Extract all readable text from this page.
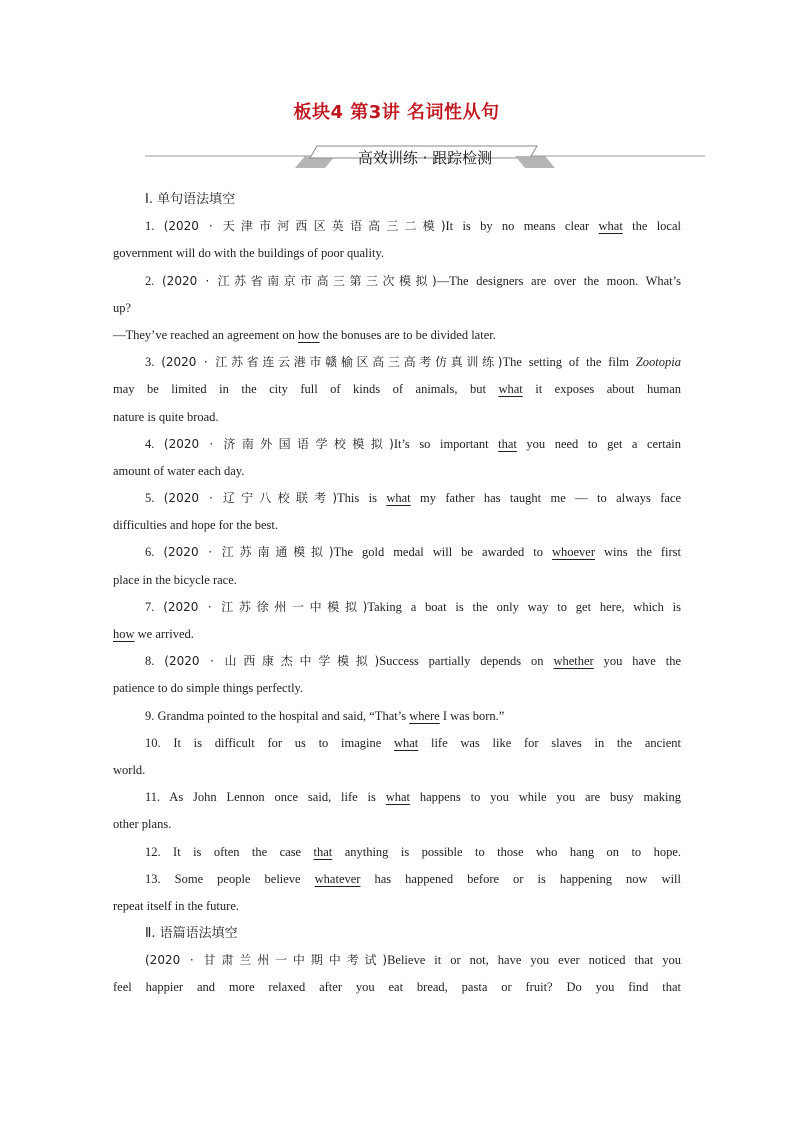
板块4 第3讲 名词性从句
高效训练 · 跟踪检测
Ⅰ. 单句语法填空
1. (2020 · 天津市河西区英语高三二模)It is by no means clear what the local
government will do with the buildings of poor quality.
2. (2020 · 江苏省南京市高三第三次模拟)—The designers are over the moon. What’s
up?
—They’ve reached an agreement on how the bonuses are to be divided later.
3. (2020 · 江苏省连云港市赣榆区高三高考仿真训练)The setting of the film Zootopia
may be limited in the city full of kinds of animals, but what it exposes about human
nature is quite broad.
4. (2020 · 济南外国语学校模拟)It’s so important that you need to get a certain
amount of water each day.
5. (2020 · 辽宁八校联考)This is what my father has taught me — to always face
difficulties and hope for the best.
6. (2020 · 江苏南通模拟)The gold medal will be awarded to whoever wins the first
place in the bicycle race.
7. (2020 · 江苏徐州一中模拟)Taking a boat is the only way to get here, which is
how we arrived.
8. (2020 · 山西康杰中学模拟)Success partially depends on whether you have the
patience to do simple things perfectly.
9. Grandma pointed to the hospital and said, “That’s where I was born.”
10. It is difficult for us to imagine what life was like for slaves in the ancient
world.
11. As John Lennon once said, life is what happens to you while you are busy making
other plans.
12. It is often the case that anything is possible to those who hang on to hope.
13. Some people believe whatever has happened before or is happening now will
repeat itself in the future.
Ⅱ. 语篇语法填空
(2020 · 甘肃兰州一中期中考试)Believe it or not, have you ever noticed that you
feel happier and more relaxed after you eat bread, pasta or fruit? Do you find that
